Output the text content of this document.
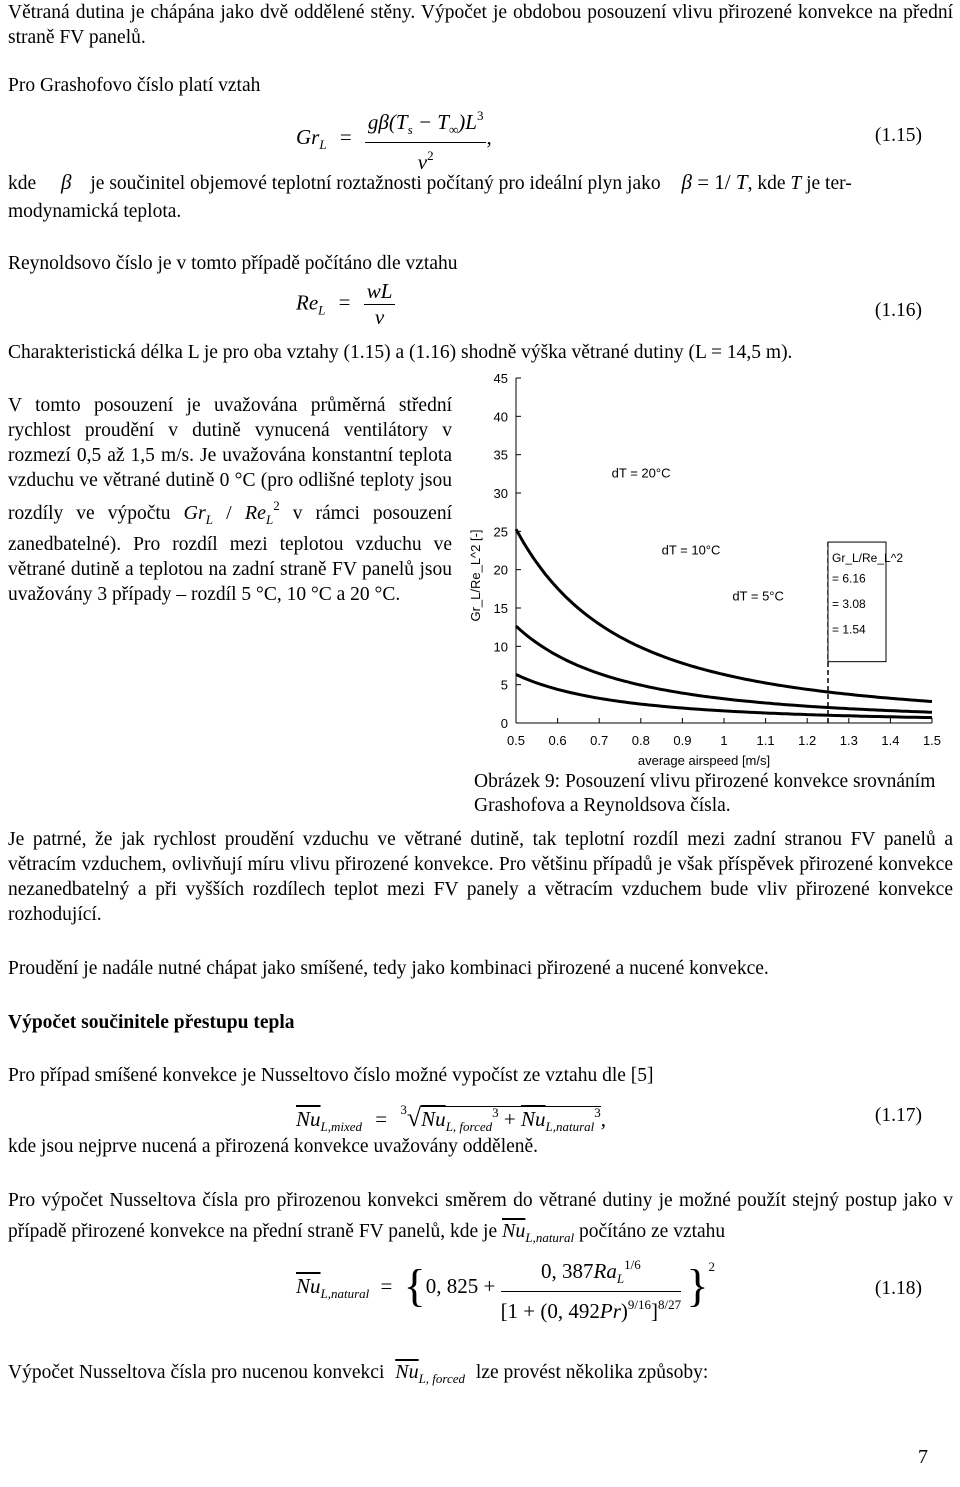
Větraná dutina je chápána jako dvě oddělené stěny. Výpočet je obdobou posouzení vlivu přirozené konvekce na přední straně FV panelů.
Pro Grashofovo číslo platí vztah
$Gr_L = \frac{g\beta(T_s - T_\infty)L^3}{\nu^2}$ ,	(1.15)
kde β je součinitel objemové teplotní roztažnosti počítaný pro ideální plyn jako β = 1/ T, kde T je ter-
modynamická teplota.
Reynoldsovo číslo je v tomto případě počítáno dle vztahu
$Re_L = \frac{wL}{\nu}$	(1.16)
Charakteristická délka L je pro oba vztahy (1.15) a (1.16) shodně výška větrané dutiny (L = 14,5 m).
V tomto posouzení je uvažována průměrná střední rychlost proudění v dutině vynucená ventilátory v rozmezí 0,5 až 1,5 m/s. Je uvažována konstantní teplota vzduchu ve větrané dutině 0 °C (pro odlišné teploty jsou rozdíly ve výpočtu $Gr_L / Re_L^2$ v rámci posouzení zanedbatelné). Pro rozdíl mezi teplotou vzduchu ve větrané dutině a teplotou na zadní straně FV panelů jsou uvažovány 3 případy – rozdíl 5 °C, 10 °C a 20 °C.
0
5
10
15
20
25
30
35
40
45
0.5 0.6 0.7 0.8 0.9 1 1.1 1.2 1.3 1.4 1.5
average airspeed [m/s]
Gr_L/Re_L^2 [-]
dT = 20°C
dT = 10°C
dT = 5°C
Gr_L/Re_L^2
= 6.16
= 3.08
= 1.54
Obrázek 9: Posouzení vlivu přirozené konvekce srovnáním Grashofova a Reynoldsova čísla.
Je patrné, že jak rychlost proudění vzduchu ve větrané dutině, tak teplotní rozdíl mezi zadní stranou FV panelů a větracím vzduchem, ovlivňují míru vlivu přirozené konvekce. Pro většinu případů je však příspěvek přirozené konvekce nezanedbatelný a při vyšších rozdílech teplot mezi FV panely a větracím vzduchem bude vliv přirozené konvekce rozhodující.
Proudění je nadále nutné chápat jako smíšené, tedy jako kombinaci přirozené a nucené konvekce.
Výpočet součinitele přestupu tepla
Pro případ smíšené konvekce je Nusseltovo číslo možné vypočíst ze vztahu dle [5]
$\overline{Nu}_{L,mixed} = ^3√Nu_{L, forced}^3 + \overline{Nu}_{L,natural}^3$,	(1.17)
kde jsou nejprve nucená a přirozená konvekce uvažovány odděleně.
Pro výpočet Nusseltova čísla pro přirozenou konvekci směrem do větrané dutiny je možné použít stejný postup jako v případě přirozené konvekce na přední straně FV panelů, kde je $\overline{Nu}_{L,natural}$ počítáno ze vztahu
$\overline{Nu}_{L,natural} = \{0$, $825 + \frac{0, 387Ra_L^{1/6}}{[1 + (0, 492Pr)^{9/16}]^{8/27}} \}^2$
(1.18)
Výpočet Nusseltova čísla pro nucenou konvekci $\overline{Nu}_{L, forced}$ lze provést několika způsoby:
7
